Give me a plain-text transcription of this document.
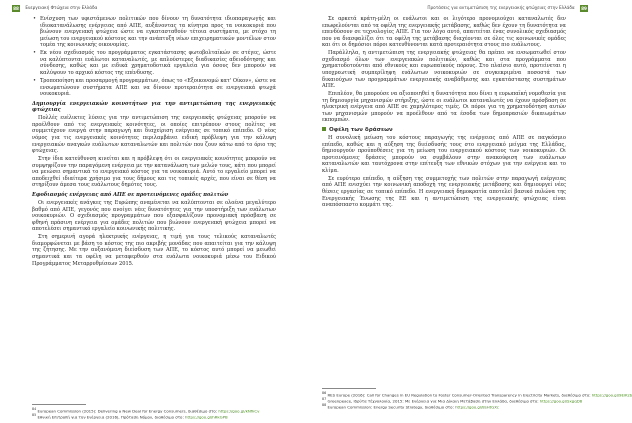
88 Ενεργειακή Φτώχεια στην Ελλάδα
• Ενίσχυση των υφιστάμενων πολιτικών που δίνουν τη δυνατότητα ιδιοπαραγωγής και ιδιοκατανάλωσης ενέργειας από ΑΠΕ, αυξάνοντας τα κίνητρα προς τα νοικοκυριά που βιώνουν ενεργειακή φτώχεια ώστε να εγκατασταθούν τέτοια συστήματα, με στόχο τη μείωση του ενεργειακού κόστους και την ανάπτυξη νέων επιχειρηματικών μοντέλων στον τομέα της κοινωνικής οικονομίας.
• Εκ νέου σχεδιασμός του προγράμματος εγκατάστασης φωτοβολταϊκών σε στέγες, ώστε να καλύπτονται ευάλωτοι καταναλωτές, με απλούστερες διαδικασίες αδειοδότησης και σύνδεσης, καθώς και με ειδικά χρηματοδοτικά εργαλεία για όσους δεν μπορούν να καλύψουν το αρχικό κόστος της επένδυσης.
• Τροποποίηση και προσαρμογή προγραμμάτων, όπως το «Εξοικονομώ κατ' Οίκον», ώστε να ενσωματώνουν συστήματα ΑΠΕ και να δίνουν προτεραιότητα σε ενεργειακά φτωχά νοικοκυριά.
Δημιουργία ενεργειακών κοινοτήτων για την αντιμετώπιση της ενεργειακής φτώχειας

Πολλές ευέλικτες λύσεις για την αντιμετώπιση της ενεργειακής φτώχειας μπορούν να προέλθουν από τις ενεργειακές κοινότητες, οι οποίες επιτρέπουν στους πολίτες να συμμετέχουν ενεργά στην παραγωγή και διαχείριση ενέργειας σε τοπικό επίπεδο. Ο νέος νόμος για τις ενεργειακές κοινότητες περιλαμβάνει ειδική πρόβλεψη για την κάλυψη ενεργειακών αναγκών ευάλωτων καταναλωτών και πολιτών που ζουν κάτω από το όριο της φτώχειας.

Στην ίδια κατεύθυνση κινείται και η πρόβλεψη ότι οι ενεργειακές κοινότητες μπορούν να συμψηφίζουν την παραγόμενη ενέργεια με την κατανάλωση των μελών τους, κάτι που μπορεί να μειώσει σημαντικά το ενεργειακό κόστος για τα νοικοκυριά. Αυτό το εργαλείο μπορεί να αποδειχθεί ιδιαίτερα χρήσιμο για τους δήμους και τις τοπικές αρχές, που είναι σε θέση να στηρίξουν άμεσα τους ευάλωτους δημότες τους.

Εφοδιασμός ενέργειας από ΑΠΕ σε προτεινόμενες ομάδες πολιτών

Οι ενεργειακές ανάγκες της Ευρώπης αναμένεται να καλύπτονται σε ολοένα μεγαλύτερο βαθμό από ΑΠΕ, γεγονός που ανοίγει νέες δυνατότητες για την υποστήριξη των ευάλωτων νοικοκυριών. Ο σχεδιασμός προγραμμάτων που εξασφαλίζουν προνομιακή πρόσβαση σε φθηνή πράσινη ενέργεια για ομάδες πολιτών που βιώνουν ενεργειακή φτώχεια μπορεί να αποτελέσει σημαντικό εργαλείο κοινωνικής πολιτικής.

Στη σημερινή αγορά ηλεκτρικής ενέργειας, η τιμή για τους τελικούς καταναλωτές διαμορφώνεται με βάση το κόστος της πιο ακριβής μονάδας που απαιτείται για την κάλυψη της ζήτησης. Με την αυξανόμενη διείσδυση των ΑΠΕ, το κόστος αυτό μπορεί να μειωθεί σημαντικά και τα οφέλη να μεταφερθούν στα ευάλωτα νοικοκυριά μέσω του Ειδικού Προγράμματος Μεταρρυθμίσεων 2015.

$^{84}$ European Commission (2015): Delivering a New Deal for Energy Consumers, διαθέσιμο στο: https://goo.gl/kNfkCv
$^{85}$ Εθνική Επιτροπή για την Ενέργεια (2016), Πρόταση Νόμου, διαθέσιμο στο: https://goo.gl/hRkGPB
Προτάσεις για αντιμετώπιση της ενεργειακής φτώχειας στην Ελλάδα 89

Σε αρκετά κράτη-μέλη οι ευάλωτοι και οι λιγότερο προνομιούχοι καταναλωτές δεν επωφελούνται από τα οφέλη της ενεργειακής μετάβασης, καθώς δεν έχουν τη δυνατότητα να επενδύσουν σε τεχνολογίες ΑΠΕ. Για τον λόγο αυτό, απαιτείται ένας συνολικός σχεδιασμός που να διασφαλίζει ότι τα οφέλη της μετάβασης διαχέονται σε όλες τις κοινωνικές ομάδες και ότι οι δημόσιοι πόροι κατευθύνονται κατά προτεραιότητα στους πιο ευάλωτους.

Παράλληλα, η αντιμετώπιση της ενεργειακής φτώχειας θα πρέπει να ενσωματωθεί στον σχεδιασμό όλων των ενεργειακών πολιτικών, καθώς και στα προγράμματα που χρηματοδοτούνται από εθνικούς και ευρωπαϊκούς πόρους. Στο πλαίσιο αυτό, προτείνεται η υποχρεωτική συμπερίληψη ευάλωτων νοικοκυριών σε συγκεκριμένα ποσοστά των δικαιούχων των προγραμμάτων ενεργειακής αναβάθμισης και εγκατάστασης συστημάτων ΑΠΕ.

Επιπλέον, θα μπορούσε να αξιοποιηθεί η δυνατότητα που δίνει η ευρωπαϊκή νομοθεσία για τη δημιουργία μηχανισμών στήριξης, ώστε οι ευάλωτοι καταναλωτές να έχουν πρόσβαση σε ηλεκτρική ενέργεια από ΑΠΕ σε χαμηλότερες τιμές. Οι πόροι για τη χρηματοδότηση αυτών των μηχανισμών μπορούν να προέλθουν από τα έσοδα των δημοπρασιών δικαιωμάτων εκπομπών.

Οφέλη των δράσεων

Η συνολική μείωση του κόστους παραγωγής της ενέργειας από ΑΠΕ σε παγκόσμιο επίπεδο, καθώς και η αύξηση της διείσδυσής τους στο ενεργειακό μείγμα της Ελλάδας, δημιουργούν προϋποθέσεις για τη μείωση του ενεργειακού κόστους των νοικοκυριών. Οι προτεινόμενες δράσεις μπορούν να συμβάλουν στην ανακούφιση των ευάλωτων καταναλωτών και ταυτόχρονα στην επίτευξη των εθνικών στόχων για την ενέργεια και το κλίμα.

Σε ευρύτερο επίπεδο, η αύξηση της συμμετοχής των πολιτών στην παραγωγή ενέργειας από ΑΠΕ ενισχύει την κοινωνική αποδοχή της ενεργειακής μετάβασης και δημιουργεί νέες θέσεις εργασίας σε τοπικό επίπεδο. Η ενεργειακή δημοκρατία αποτελεί βασικό πυλώνα της Ενεργειακής Ένωσης της ΕΕ και η αντιμετώπιση της ενεργειακής φτώχειας είναι αναπόσπαστο κομμάτι της.

$^{86}$ RES Europe (2016): Call for Changes in EU Regulation to Foster Consumer-Oriented Transparency in Electricity Markets, διαθέσιμο στο: https://goo.gl/9EiKzb
$^{87}$ Greenpeace, Ιδρύτα Τέχνολογία, 2015: Με Ενέργεια για Μια Δίκαιη Μετάβαση στην Ελλάδα, διαθέσιμο στο: https://goo.gl/SxgqD6
$^{88}$ European Commission: Energy Security Strategy, διαθέσιμο στο: https://goo.gl/8sHtGXc
